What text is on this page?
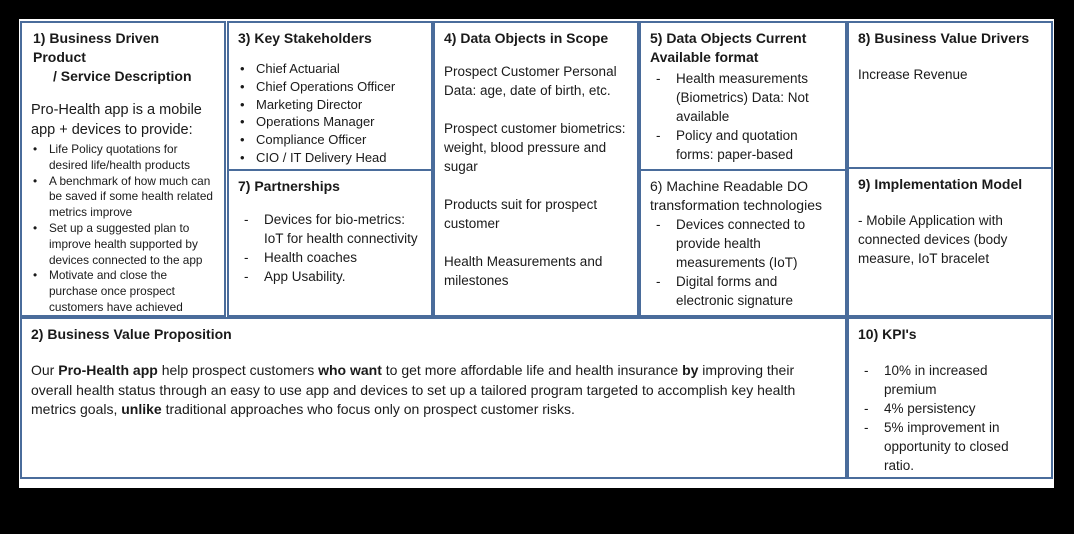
1) Business Driven Product
/ Service Description

Pro-Health app is a mobile app + devices to provide:

• Life Policy quotations for desired life/health products
• A benchmark of how much can be saved if some health related metrics improve
• Set up a suggested plan to improve health supported by devices connected to the app
• Motivate and close the purchase once prospect customers have achieved
3) Key Stakeholders
• Chief Actuarial
• Chief Operations Officer
• Marketing Director
• Operations Manager
• Compliance Officer
• CIO / IT Delivery Head
7) Partnerships
- Devices for bio-metrics: IoT for health connectivity
- Health coaches
- App Usability.
4) Data Objects in Scope

Prospect Customer Personal Data: age, date of birth, etc.

Prospect customer biometrics: weight, blood pressure and sugar

Products suit for prospect customer

Health Measurements and milestones

5) Data Objects Current Available format
- Health measurements (Biometrics) Data: Not available
- Policy and quotation forms: paper-based

6) Machine Readable DO transformation technologies

- Devices connected to provide health measurements (IoT)
- Digital forms and electronic signature
8) Business Value Drivers

Increase Revenue

9) Implementation Model

- Mobile Application with connected devices (body measure, IoT bracelet

2) Business Value Proposition

Our Pro-Health app help prospect customers who want to get more affordable life and health insurance by improving their overall health status through an easy to use app and devices to set up a tailored program targeted to accomplish key health metrics goals, unlike traditional approaches who focus only on prospect customer risks.

10) KPI's
- 10% in increased premium
- 4% persistency
- 5% improvement in opportunity to closed ratio.
